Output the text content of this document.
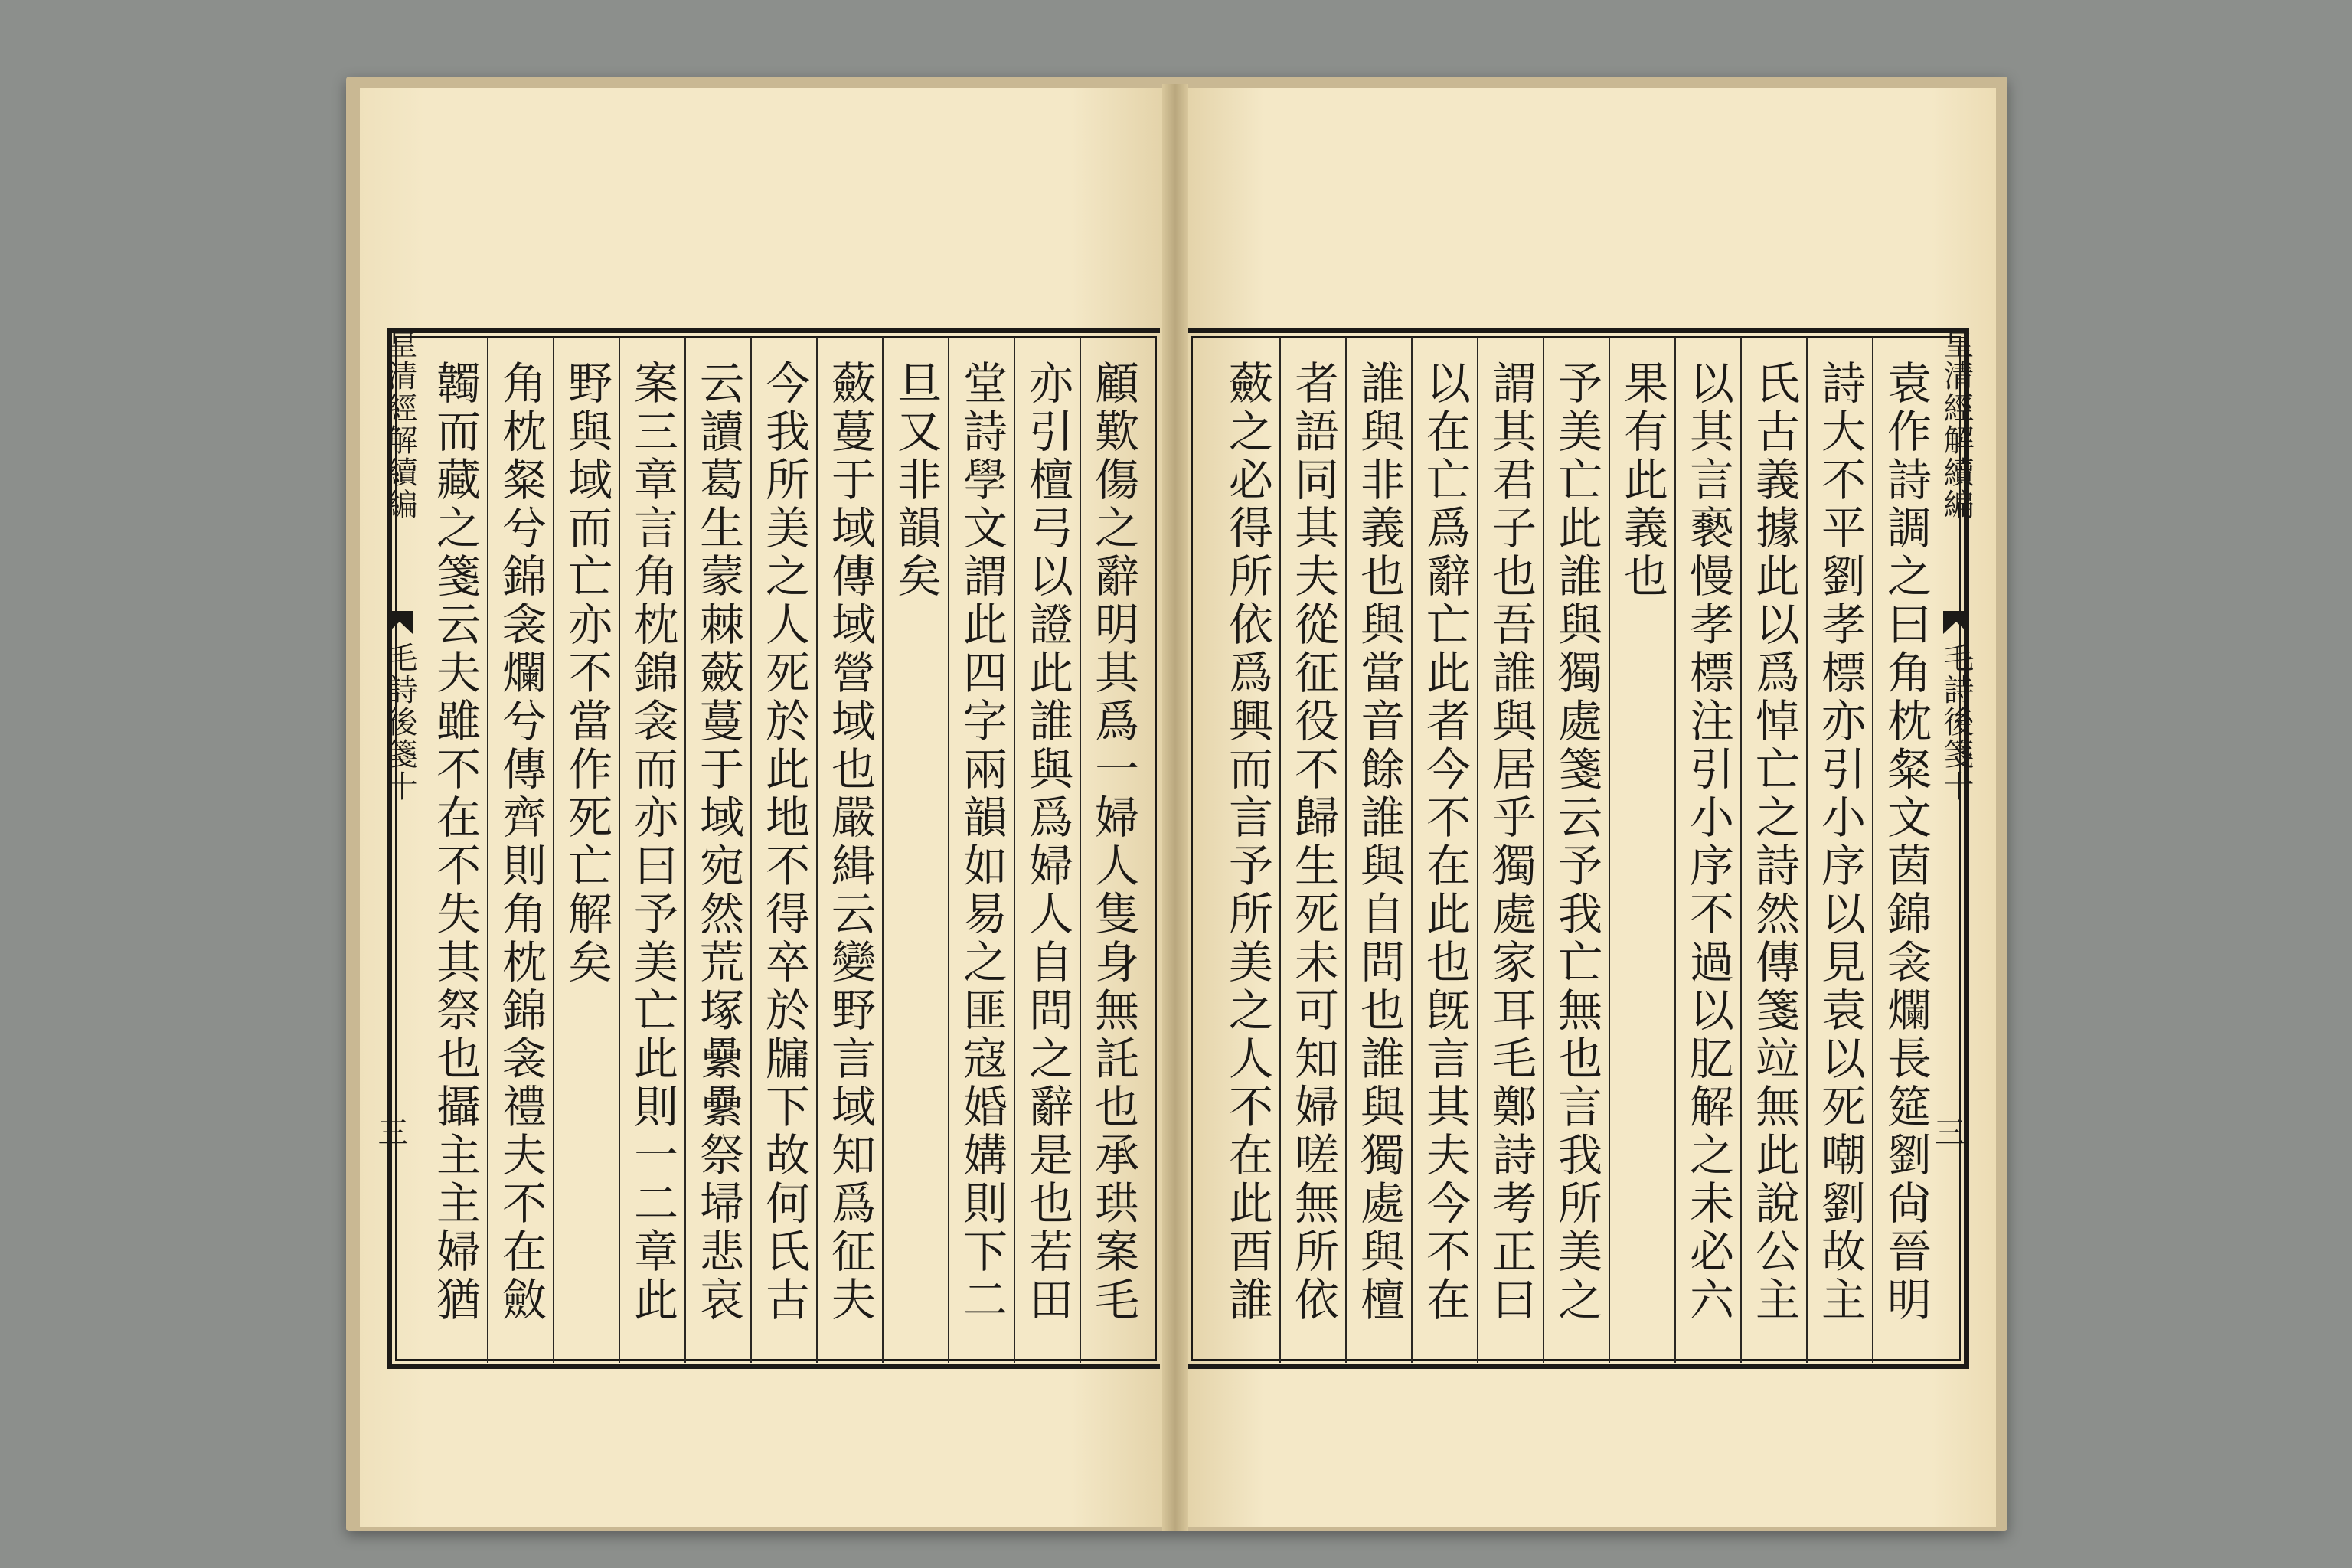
皇清經解續編
毛詩後箋十
三
顧歎傷之辭明其爲一婦人隻身無託也承珙案毛
亦引檀弓以證此誰與爲婦人自問之辭是也若田
堂詩學文謂此四字兩韻如易之匪寇婚媾則下二
旦又非韻矣
蘞蔓于域傳域營域也嚴緝云變野言域知爲征夫
今我所美之人死於此地不得卒於牖下故何氏古
云讀葛生蒙棘蘞蔓于域宛然荒塚纍纍祭埽悲哀
案三章言角枕錦衾而亦曰予美亡此則一二章此
野與域而亡亦不當作死亡解矣
角枕粲兮錦衾爛兮傳齊則角枕錦衾禮夫不在斂
韣而藏之箋云夫雖不在不失其祭也攝主主婦猶
皇清經解續編
毛詩後箋十
三
袁作詩調之曰角枕粲文茵錦衾爛長筵劉尙晉明
詩大不平劉孝標亦引小序以見袁以死嘲劉故主
氏古義據此以爲悼亡之詩然傳箋竝無此說公主
以其言褻慢孝標注引小序不過以肊解之未必六
果有此義也
予美亡此誰與獨處箋云予我亡無也言我所美之
謂其君子也吾誰與居乎獨處家耳毛鄭詩考正曰
以在亡爲辭亡此者今不在此也旣言其夫今不在
誰與非義也與當音餘誰與自問也誰與獨處與檀
者語同其夫從征役不歸生死未可知婦嗟無所依
蘞之必得所依爲興而言予所美之人不在此酉誰
